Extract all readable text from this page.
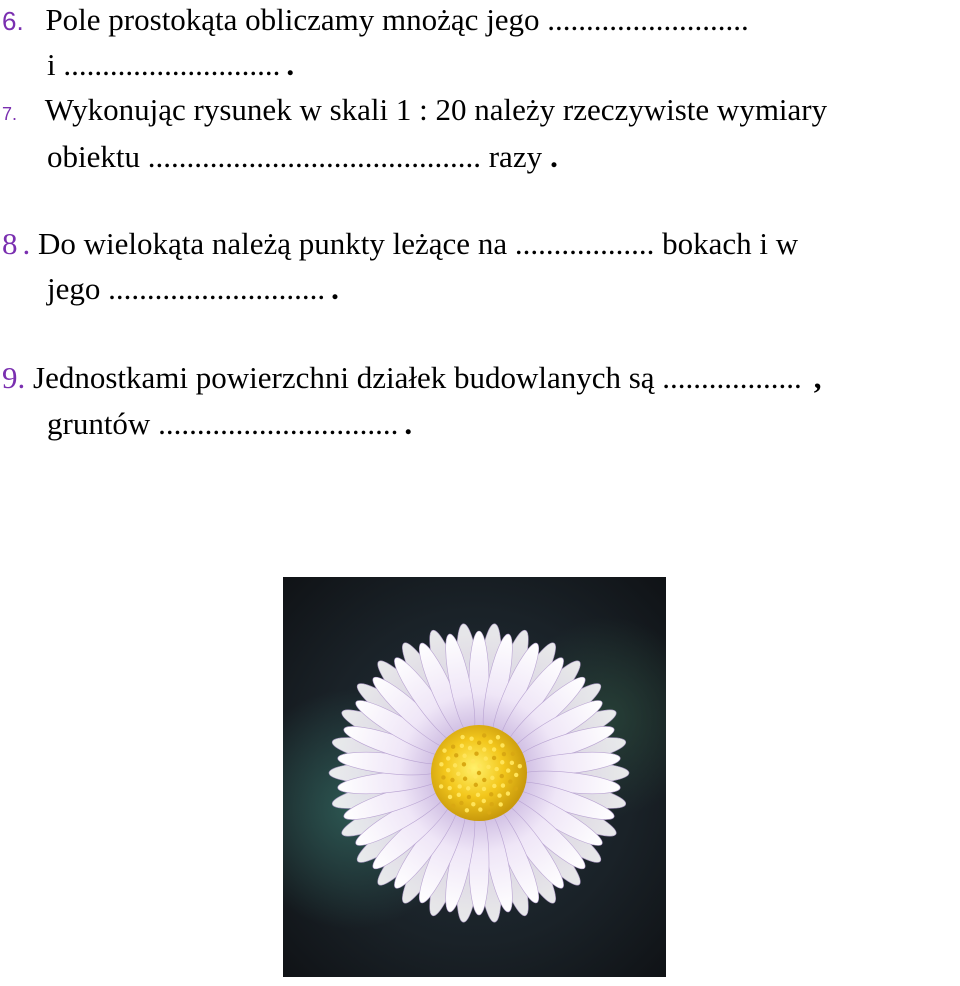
6. Pole prostokąta obliczamy mnożąc jego ..........................
i ............................ .
7. Wykonując rysunek w skali 1 : 20 należy rzeczywiste wymiary
obiektu ........................................... razy .
8 . Do wielokąta należą punkty leżące na .................. bokach i w
jego ............................ .
9. Jednostkami powierzchni działek budowlanych są .................. ,
gruntów ............................... .
